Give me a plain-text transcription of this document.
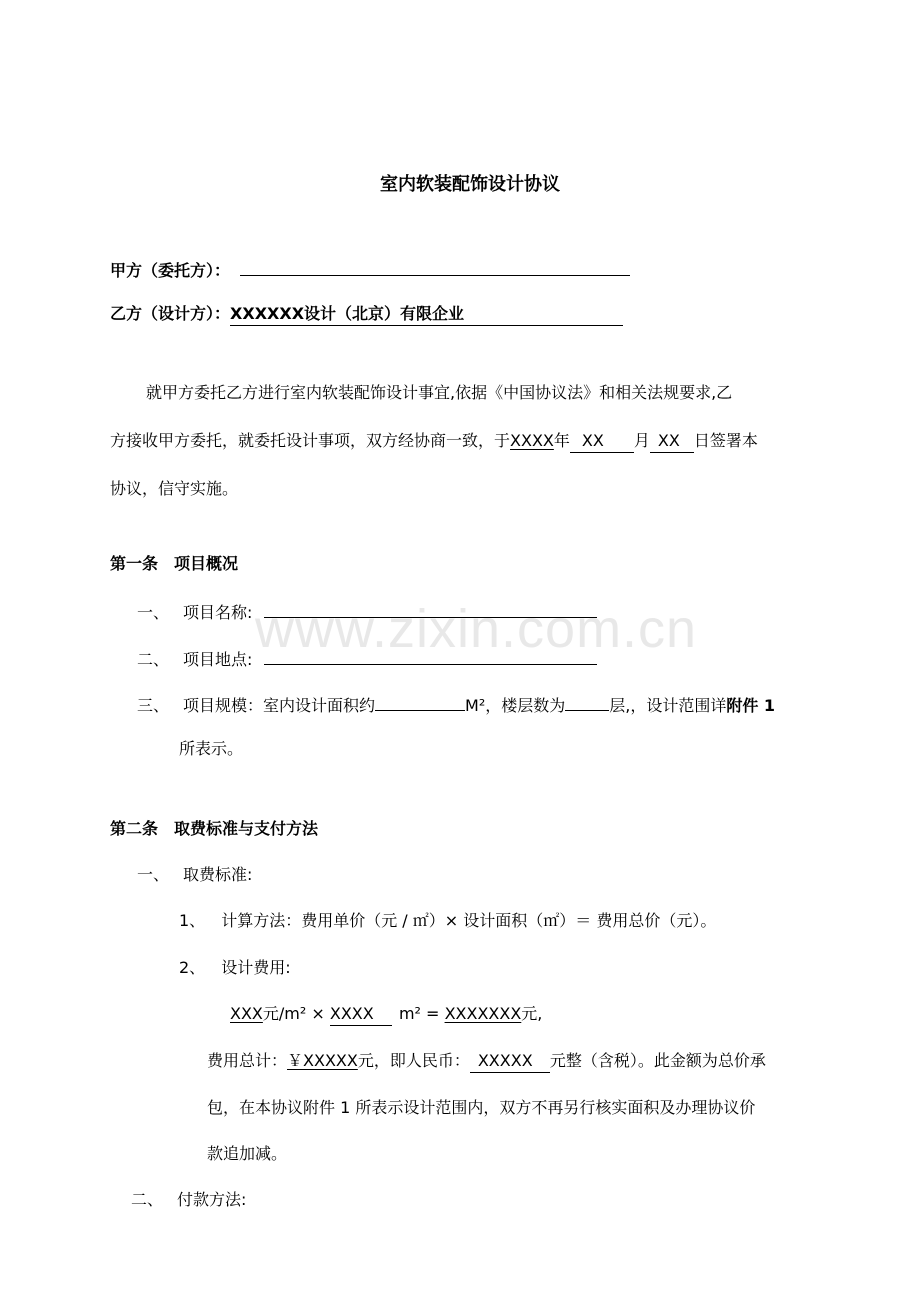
www.zixin.com.cn
室内软装配饰设计协议
甲方（委托方）：
乙方（设计方）：XXXXXX设计（北京）有限企业
就甲方委托乙方进行室内软装配饰设计事宜,依据《中国协议法》和相关法规要求,乙
方接收甲方委托，就委托设计事项，双方经协商一致，于XXXX年 XX 月 XX 日签署本
协议，信守实施。
第一条　项目概况
一、 项目名称:
二、 项目地点:
三、 项目规模：室内设计面积约	M²，楼层数为	层,，设计范围详附件 1
所表示。
第二条　取费标准与支付方法
一、 取费标准:
1、 计算方法：费用单价（元 / ㎡）× 设计面积（㎡）＝ 费用总价（元）。
2、 设计费用:
XXX元/m² × XXXX m² = XXXXXXX元,
费用总计：￥XXXXX元，即人民币： XXXXX 元整（含税）。此金额为总价承
包，在本协议附件 1 所表示设计范围内，双方不再另行核实面积及办理协议价
款追加减。
二、 付款方法:
